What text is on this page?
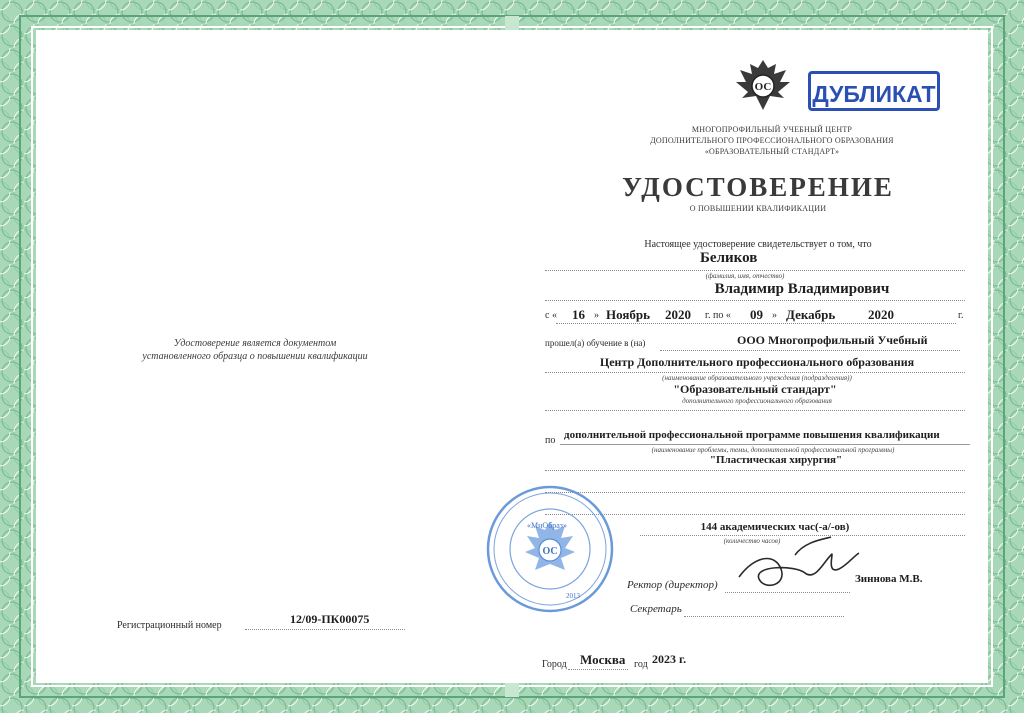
ОС ДУБЛИКАТ
МНОГОПРОФИЛЬНЫЙ УЧЕБНЫЙ ЦЕНТР
ДОПОЛНИТЕЛЬНОГО ПРОФЕССИОНАЛЬНОГО ОБРАЗОВАНИЯ
«ОБРАЗОВАТЕЛЬНЫЙ СТАНДАРТ»
УДОСТОВЕРЕНИЕ
О ПОВЫШЕНИИ КВАЛИФИКАЦИИ
Настоящее удостоверение свидетельствует о том, что
Беликов
(фамилия, имя, отчество)
Владимир Владимирович
с « 16 » Ноябрь 2020 г. по « 09 » Декабрь	2020	г.
прошел(а) обучение в (на)	ООО Многопрофильный Учебный
Центр Дополнительного профессионального образования
(наименование образовательного учреждения (подразделения))
"Образовательный стандарт"
дополнительного профессионального образования
по дополнительной профессиональной программе повышения квалификации
(наименование проблемы, темы, дополнительной профессиональной программы)
"Пластическая хирургия"
144 академических час(-а/-ов)
(количество часов)
Ректор (директор)	Зиннова М.В.
Секретарь
Город Москва год 2023 г.
ОС
«МнОбраз»
2013
Удостоверение является документом
установленного образца о повышении квалификации
Регистрационный номер	12/09-ПК00075
